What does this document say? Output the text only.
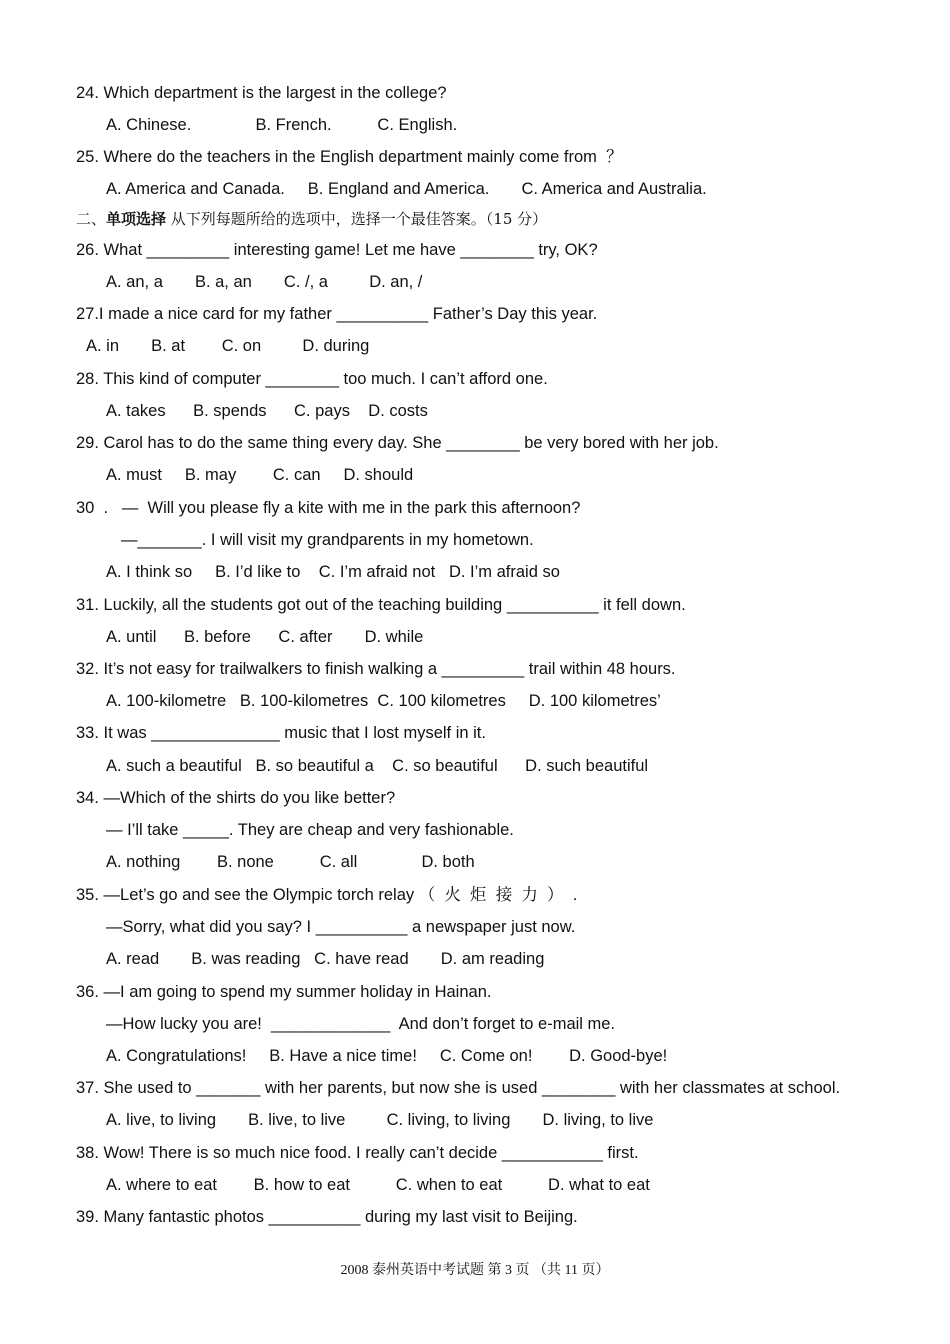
24. Which department is the largest in the college?
A. Chinese.              B. French.          C. English.
25. Where do the teachers in the English department mainly come from  ？
A. America and Canada.     B. England and America.       C. America and Australia.
二、单项选择 从下列每题所给的选项中，选择一个最佳答案。（15 分）
26. What _________ interesting game! Let me have ________ try, OK?
A. an, a       B. a, an       C. /, a         D. an, /
27.I made a nice card for my father __________ Father’s Day this year.
A. in       B. at        C. on         D. during
28. This kind of computer ________ too much. I can’t afford one.
A. takes      B. spends      C. pays    D. costs
29. Carol has to do the same thing every day. She ________ be very bored with her job.
A. must     B. may        C. can     D. should
30  .   —  Will you please fly a kite with me in the park this afternoon?
—_______. I will visit my grandparents in my hometown.
A. I think so     B. I’d like to    C. I’m afraid not   D. I’m afraid so
31. Luckily, all the students got out of the teaching building __________ it fell down.
A. until      B. before      C. after       D. while
32. It’s not easy for trailwalkers to finish walking a _________ trail within 48 hours.
A. 100-kilometre   B. 100-kilometres  C. 100 kilometres     D. 100 kilometres’
33. It was ______________ music that I lost myself in it.
A. such a beautiful   B. so beautiful a    C. so beautiful      D. such beautiful
34. —Which of the shirts do you like better?
— I’ll take _____. They are cheap and very fashionable.
A. nothing        B. none          C. all              D. both
35. —Let’s go and see the Olympic torch relay （  火  炬  接  力  ）  .
—Sorry, what did you say? I __________ a newspaper just now.
A. read       B. was reading   C. have read       D. am reading
36. —I am going to spend my summer holiday in Hainan.
—How lucky you are!  _____________  And don’t forget to e-mail me.
A. Congratulations!     B. Have a nice time!     C. Come on!        D. Good-bye!
37. She used to _______ with her parents, but now she is used ________ with her classmates at school.
A. live, to living       B. live, to live         C. living, to living       D. living, to live
38. Wow! There is so much nice food. I really can’t decide ___________ first.
A. where to eat        B. how to eat          C. when to eat          D. what to eat
39. Many fantastic photos __________ during my last visit to Beijing.
2008 泰州英语中考试题 第 3 页 （共 11 页）
